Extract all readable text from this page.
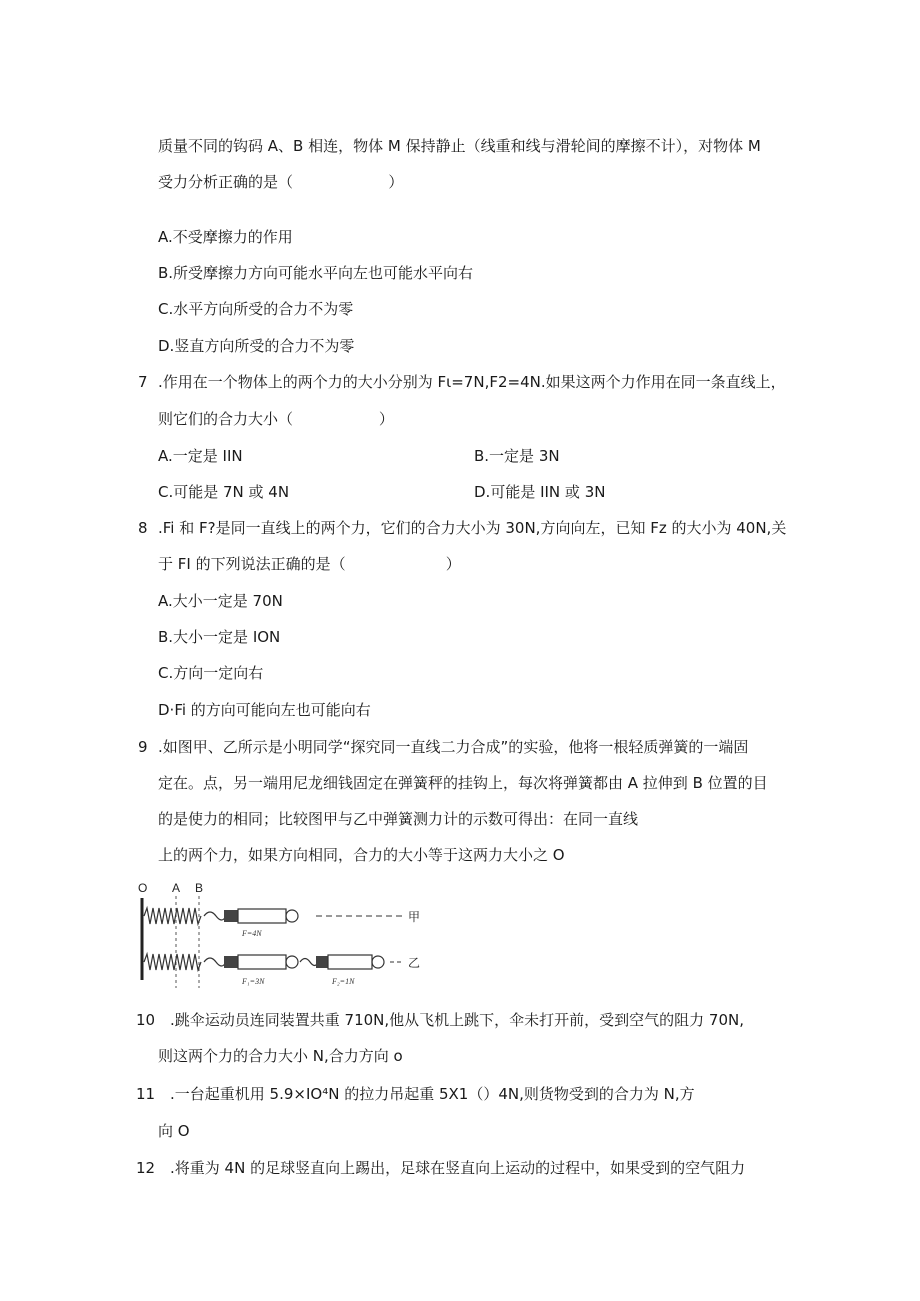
质量不同的钩码 A、B 相连，物体 M 保持静止（线重和线与滑轮间的摩擦不计），对物体 M
受力分析正确的是（                    ）
A.不受摩擦力的作用
B.所受摩擦力方向可能水平向左也可能水平向右
C.水平方向所受的合力不为零
D.竖直方向所受的合力不为零
7 .作用在一个物体上的两个力的大小分别为 Fι=7N,F2=4N.如果这两个力作用在同一条直线上，
则它们的合力大小（                  ）
A.一定是 IIN	B.一定是 3N
C.可能是 7N 或 4N	D.可能是 IIN 或 3N
8 .Fi 和 F?是同一直线上的两个力，它们的合力大小为 30N,方向向左，已知 Fz 的大小为 40N,关
于 FI 的下列说法正确的是（                     ）
A.大小一定是 70N
B.大小一定是 ION
C.方向一定向右
D·Fi 的方向可能向左也可能向右
9 .如图甲、乙所示是小明同学“探究同一直线二力合成”的实验，他将一根轻质弹簧的一端固
定在。点，另一端用尼龙细钱固定在弹簧秤的挂钩上，每次将弹簧都由 A 拉伸到 B 位置的目
的是使力的相同；比较图甲与乙中弹簧测力计的示数可得出：在同一直线
上的两个力，如果方向相同，合力的大小等于这两力大小之 O
O A B
F=4N
甲
F₁=3N	F₂=1N
乙
10 .跳伞运动员连同装置共重 710N,他从飞机上跳下，伞未打开前，受到空气的阻力 70N,
则这两个力的合力大小 N,合力方向 o
11 .一台起重机用 5.9×IO⁴N 的拉力吊起重 5X1（）4N,则货物受到的合力为 N,方
向 O
12 .将重为 4N 的足球竖直向上踢出，足球在竖直向上运动的过程中，如果受到的空气阻力
